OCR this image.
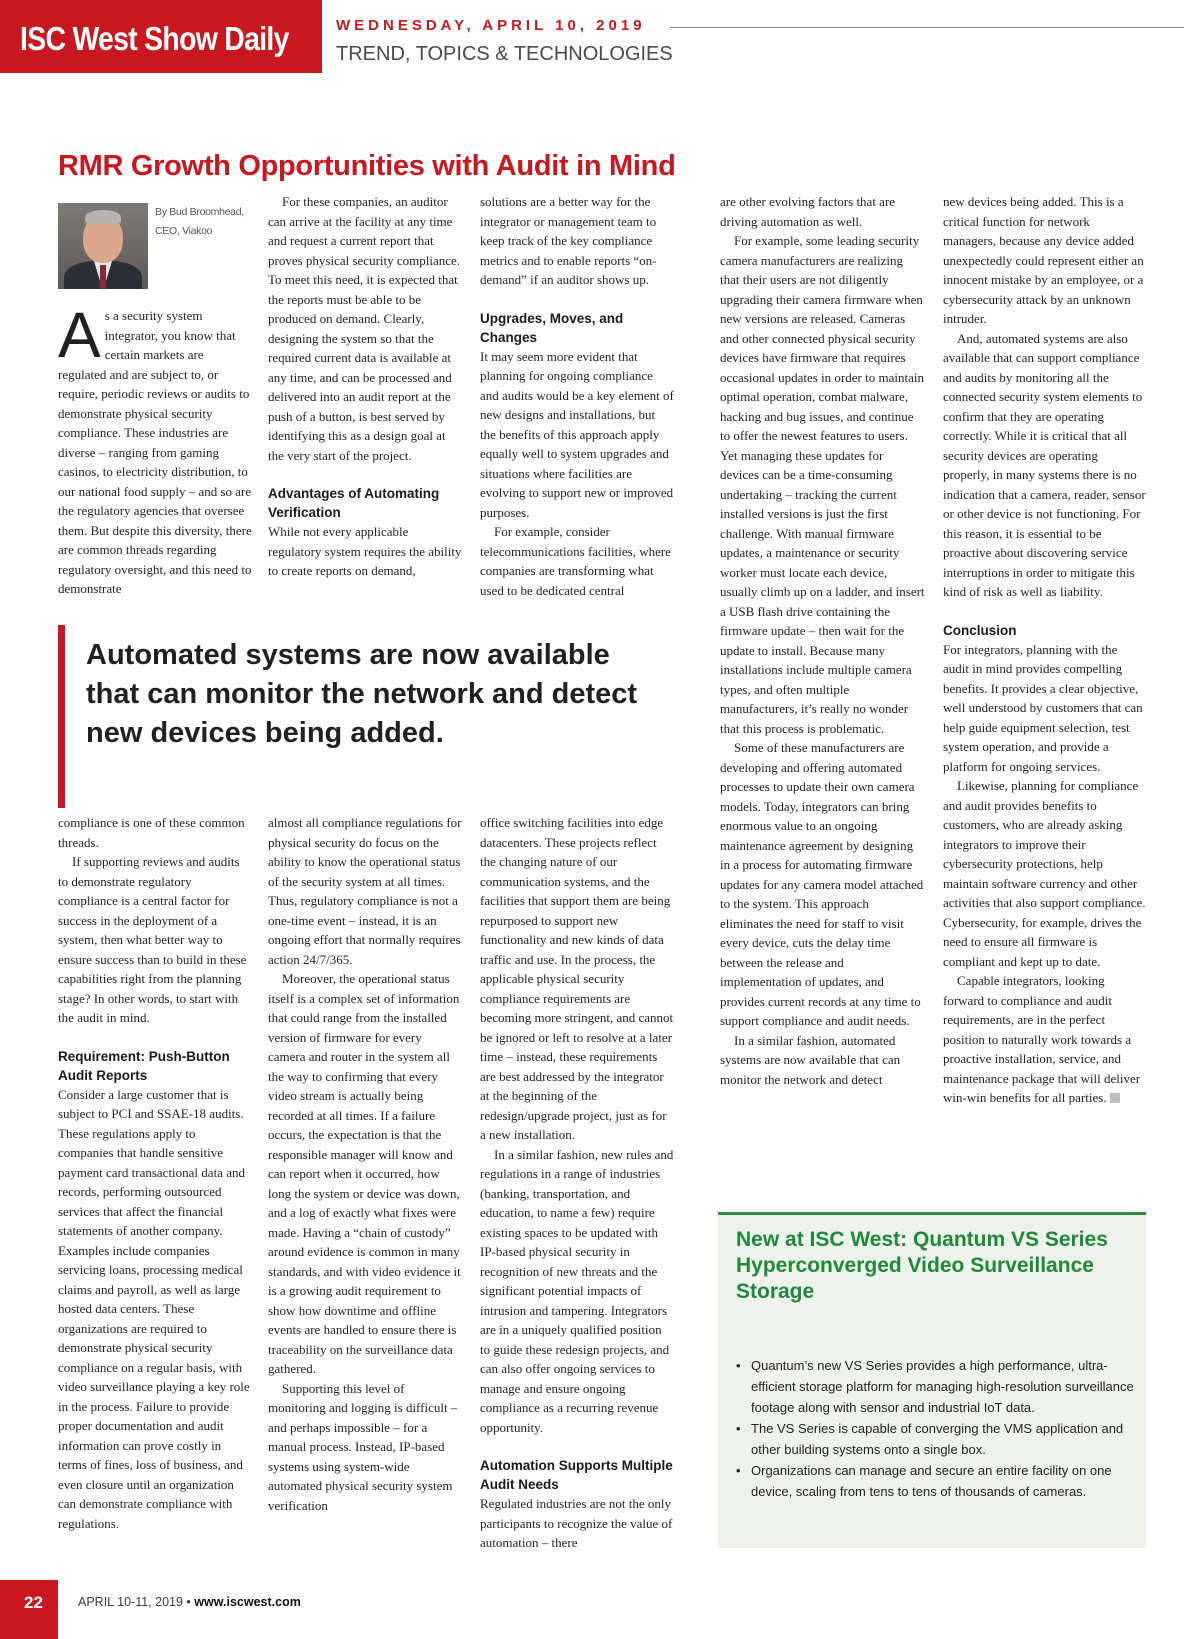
ISC West Show Daily	WEDNESDAY, APRIL 10, 2019
TREND, TOPICS & TECHNOLOGIES
RMR Growth Opportunities with Audit in Mind
By Bud Broomhead, CEO, Viakoo

As a security system integrator, you know that certain markets are regulated and are subject to, or require, periodic reviews or audits to demonstrate physical security compliance. These industries are diverse – ranging from gaming casinos, to electricity distribution, to our national food supply – and so are the regulatory agencies that oversee them. But despite this diversity, there are common threads regarding regulatory oversight, and this need to demonstrate

For these companies, an auditor can arrive at the facility at any time and request a current report that proves physical security compliance. To meet this need, it is expected that the reports must be able to be produced on demand. Clearly, designing the system so that the required current data is available at any time, and can be processed and delivered into an audit report at the push of a button, is best served by identifying this as a design goal at the very start of the project.

Advantages of Automating Verification

While not every applicable regulatory system requires the ability to create reports on demand,

solutions are a better way for the integrator or management team to keep track of the key compliance metrics and to enable reports “on-demand” if an auditor shows up.

Upgrades, Moves, and Changes

It may seem more evident that planning for ongoing compliance and audits would be a key element of new designs and installations, but the benefits of this approach apply equally well to system upgrades and situations where facilities are evolving to support new or improved purposes.

For example, consider telecommunications facilities, where companies are transforming what used to be dedicated central

Automated systems are now available that can monitor the network and detect new devices being added.

compliance is one of these common threads.

If supporting reviews and audits to demonstrate regulatory compliance is a central factor for success in the deployment of a system, then what better way to ensure success than to build in these capabilities right from the planning stage? In other words, to start with the audit in mind.

Requirement: Push-Button Audit Reports

Consider a large customer that is subject to PCI and SSAE-18 audits. These regulations apply to companies that handle sensitive payment card transactional data and records, performing outsourced services that affect the financial statements of another company. Examples include companies servicing loans, processing medical claims and payroll, as well as large hosted data centers. These organizations are required to demonstrate physical security compliance on a regular basis, with video surveillance playing a key role in the process. Failure to provide proper documentation and audit information can prove costly in terms of fines, loss of business, and even closure until an organization can demonstrate compliance with regulations.

almost all compliance regulations for physical security do focus on the ability to know the operational status of the security system at all times. Thus, regulatory compliance is not a one-time event – instead, it is an ongoing effort that normally requires action 24/7/365.

Moreover, the operational status itself is a complex set of information that could range from the installed version of firmware for every camera and router in the system all the way to confirming that every video stream is actually being recorded at all times. If a failure occurs, the expectation is that the responsible manager will know and can report when it occurred, how long the system or device was down, and a log of exactly what fixes were made. Having a “chain of custody” around evidence is common in many standards, and with video evidence it is a growing audit requirement to show how downtime and offline events are handled to ensure there is traceability on the surveillance data gathered.

Supporting this level of monitoring and logging is difficult – and perhaps impossible – for a manual process. Instead, IP-based systems using system-wide automated physical security system verification

office switching facilities into edge datacenters. These projects reflect the changing nature of our communication systems, and the facilities that support them are being repurposed to support new functionality and new kinds of data traffic and use. In the process, the applicable physical security compliance requirements are becoming more stringent, and cannot be ignored or left to resolve at a later time – instead, these requirements are best addressed by the integrator at the beginning of the redesign/upgrade project, just as for a new installation.

In a similar fashion, new rules and regulations in a range of industries (banking, transportation, and education, to name a few) require existing spaces to be updated with IP-based physical security in recognition of new threats and the significant potential impacts of intrusion and tampering. Integrators are in a uniquely qualified position to guide these redesign projects, and can also offer ongoing services to manage and ensure ongoing compliance as a recurring revenue opportunity.

Automation Supports Multiple Audit Needs

Regulated industries are not the only participants to recognize the value of automation – there

are other evolving factors that are driving automation as well.

For example, some leading security camera manufacturers are realizing that their users are not diligently upgrading their camera firmware when new versions are released. Cameras and other connected physical security devices have firmware that requires occasional updates in order to maintain optimal operation, combat malware, hacking and bug issues, and continue to offer the newest features to users. Yet managing these updates for devices can be a time-consuming undertaking – tracking the current installed versions is just the first challenge. With manual firmware updates, a maintenance or security worker must locate each device, usually climb up on a ladder, and insert a USB flash drive containing the firmware update – then wait for the update to install. Because many installations include multiple camera types, and often multiple manufacturers, it’s really no wonder that this process is problematic.

Some of these manufacturers are developing and offering automated processes to update their own camera models. Today, integrators can bring enormous value to an ongoing maintenance agreement by designing in a process for automating firmware updates for any camera model attached to the system. This approach eliminates the need for staff to visit every device, cuts the delay time between the release and implementation of updates, and provides current records at any time to support compliance and audit needs.

In a similar fashion, automated systems are now available that can monitor the network and detect

new devices being added. This is a critical function for network managers, because any device added unexpectedly could represent either an innocent mistake by an employee, or a cybersecurity attack by an unknown intruder.

And, automated systems are also available that can support compliance and audits by monitoring all the connected security system elements to confirm that they are operating correctly. While it is critical that all security devices are operating properly, in many systems there is no indication that a camera, reader, sensor or other device is not functioning. For this reason, it is essential to be proactive about discovering service interruptions in order to mitigate this kind of risk as well as liability.

Conclusion

For integrators, planning with the audit in mind provides compelling benefits. It provides a clear objective, well understood by customers that can help guide equipment selection, test system operation, and provide a platform for ongoing services.

Likewise, planning for compliance and audit provides benefits to customers, who are already asking integrators to improve their cybersecurity protections, help maintain software currency and other activities that also support compliance. Cybersecurity, for example, drives the need to ensure all firmware is compliant and kept up to date.

Capable integrators, looking forward to compliance and audit requirements, are in the perfect position to naturally work towards a proactive installation, service, and maintenance package that will deliver win-win benefits for all parties.

New at ISC West: Quantum VS Series Hyperconverged Video Surveillance Storage
• Quantum’s new VS Series provides a high performance, ultra-efficient storage platform for managing high-resolution surveillance footage along with sensor and industrial IoT data.
• The VS Series is capable of converging the VMS application and other building systems onto a single box.
• Organizations can manage and secure an entire facility on one device, scaling from tens to tens of thousands of cameras.
22	APRIL 10-11, 2019 • www.iscwest.com
